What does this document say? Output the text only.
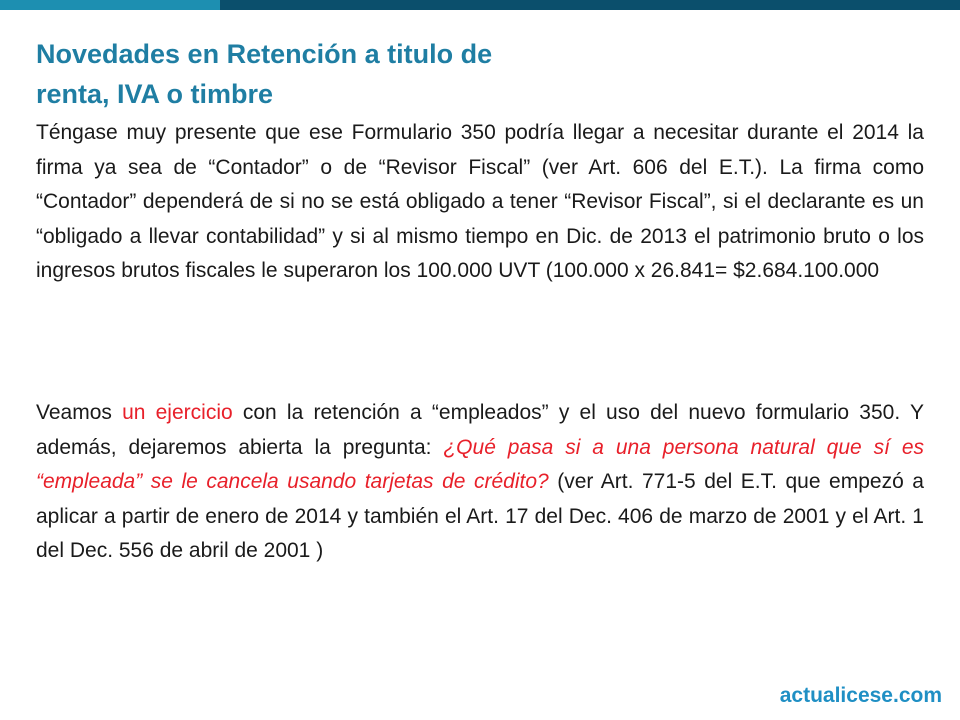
Novedades en Retención a titulo de
renta, IVA o timbre

Téngase muy presente que ese Formulario 350 podría llegar a necesitar durante el 2014 la firma ya sea de “Contador” o de “Revisor Fiscal” (ver Art. 606 del E.T.). La firma como “Contador” dependerá de si no se está obligado a tener “Revisor Fiscal”, si el declarante es un “obligado a llevar contabilidad” y si al mismo tiempo en Dic. de 2013 el patrimonio bruto o los ingresos brutos fiscales le superaron los 100.000 UVT (100.000 x 26.841= $2.684.100.000

Veamos un ejercicio con la retención a “empleados” y el uso del nuevo formulario 350. Y además, dejaremos abierta la pregunta: ¿Qué pasa si a una persona natural que sí es “empleada” se le cancela usando tarjetas de crédito? (ver Art. 771-5 del E.T. que empezó a aplicar a partir de enero de 2014 y también el Art. 17 del Dec. 406 de marzo de 2001 y el Art. 1 del Dec. 556 de abril de 2001 )

actualicese.com
